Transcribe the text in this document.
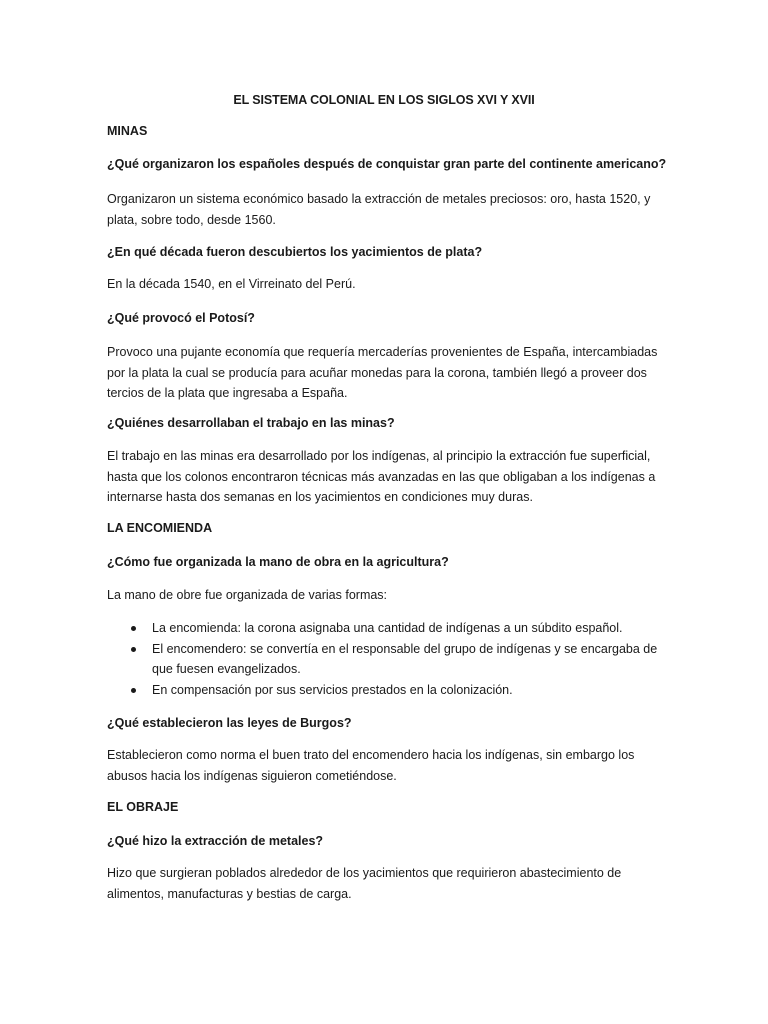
EL SISTEMA COLONIAL EN LOS SIGLOS XVI Y XVII
MINAS
¿Qué organizaron los españoles después de conquistar gran parte del continente americano?
Organizaron un sistema económico basado la extracción de metales preciosos: oro, hasta 1520, y plata, sobre todo, desde 1560.
¿En qué década fueron descubiertos los yacimientos de plata?
En la década 1540, en el Virreinato del Perú.
¿Qué provocó el Potosí?
Provoco una pujante economía que requería mercaderías provenientes de España, intercambiadas por la plata la cual se producía para acuñar monedas para la corona, también llegó a proveer dos tercios de la plata que ingresaba a España.
¿Quiénes desarrollaban el trabajo en las minas?
El trabajo en las minas era desarrollado por los indígenas, al principio la extracción fue superficial, hasta que los colonos encontraron técnicas más avanzadas en las que obligaban a los indígenas a internarse hasta dos semanas en los yacimientos en condiciones muy duras.
LA ENCOMIENDA
¿Cómo fue organizada la mano de obra en la agricultura?
La mano de obre fue organizada de varias formas:
La encomienda: la corona asignaba una cantidad de indígenas a un súbdito español.
El encomendero: se convertía en el responsable del grupo de indígenas y se encargaba de que fuesen evangelizados.
En compensación por sus servicios prestados en la colonización.
¿Qué establecieron las leyes de Burgos?
Establecieron como norma el buen trato del encomendero hacia los indígenas, sin embargo los abusos hacia los indígenas siguieron cometiéndose.
EL OBRAJE
¿Qué hizo la extracción de metales?
Hizo que surgieran poblados alrededor de los yacimientos que requirieron abastecimiento de alimentos, manufacturas y bestias de carga.
